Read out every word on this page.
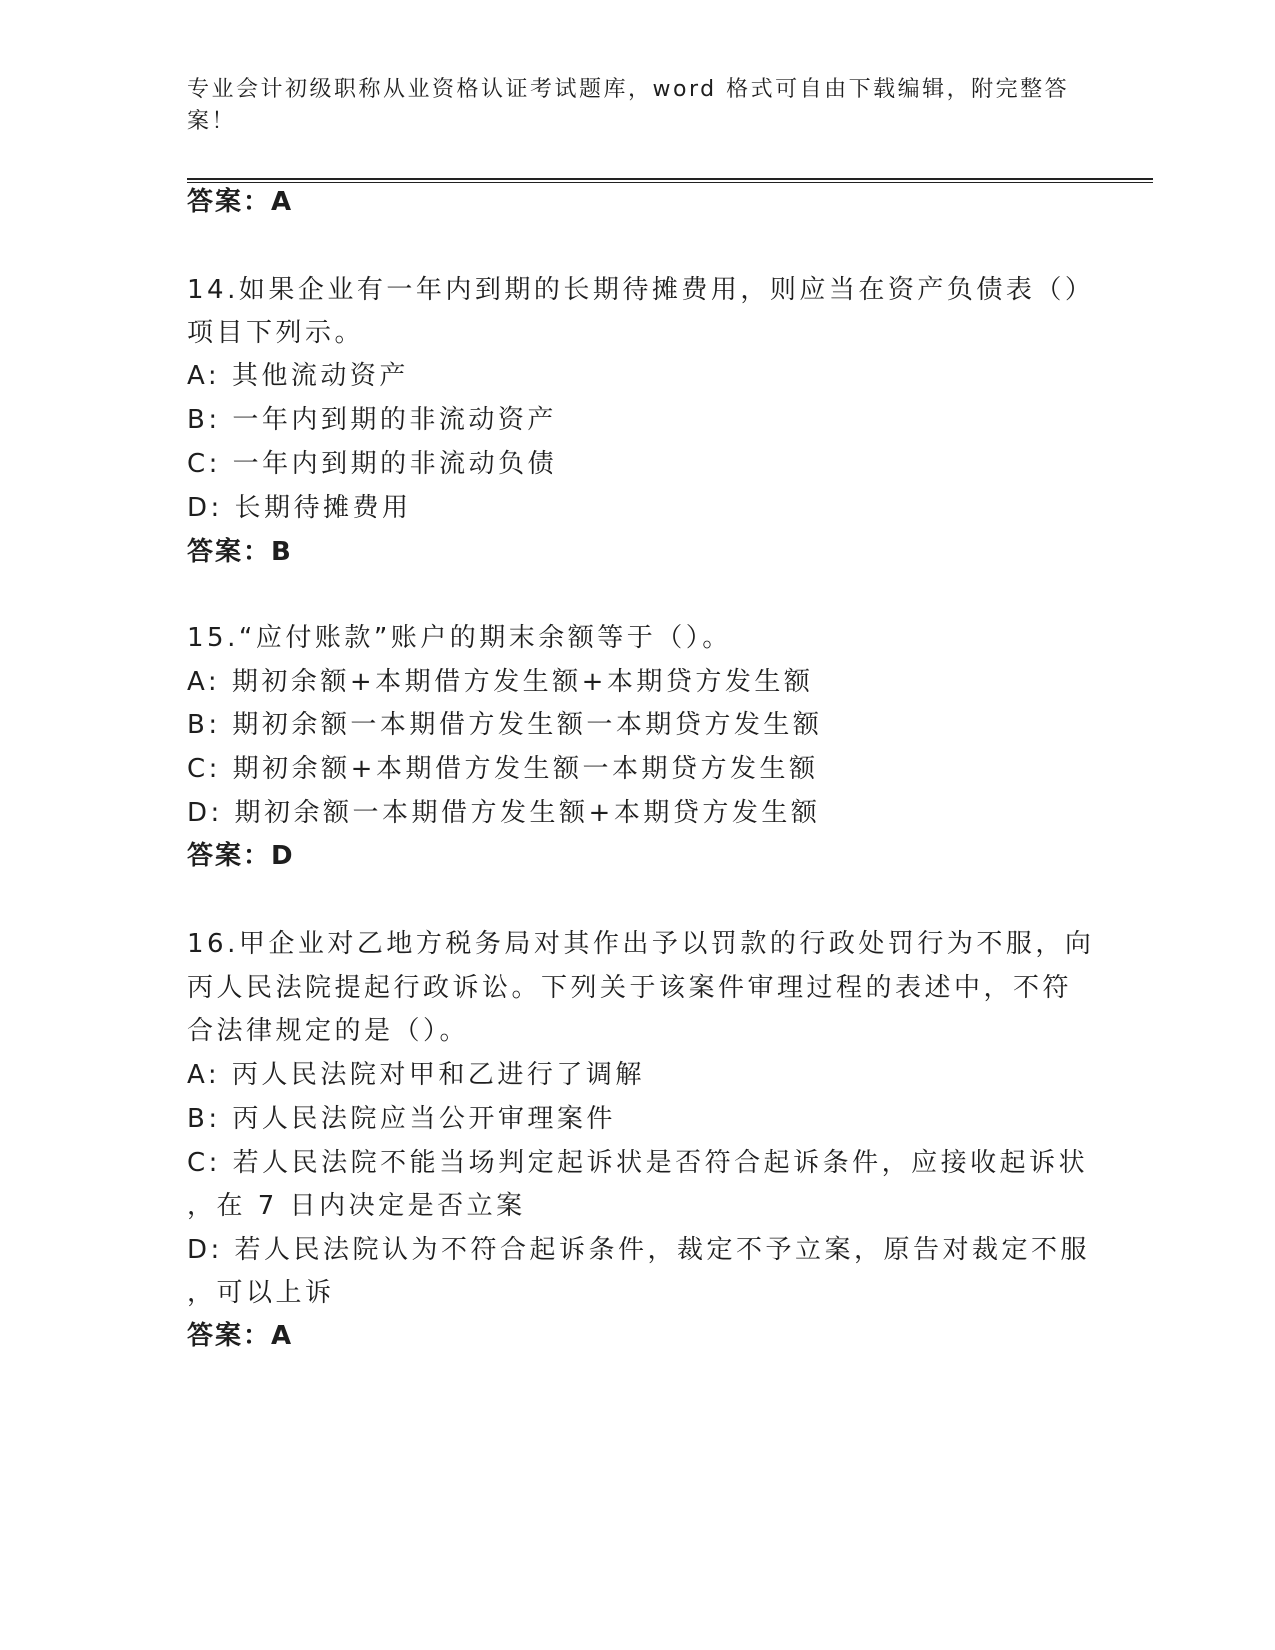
专业会计初级职称从业资格认证考试题库，word 格式可自由下载编辑，附完整答
案！
答案：A
14.如果企业有一年内到期的长期待摊费用，则应当在资产负债表（）
项目下列示。
A: 其他流动资产
B: 一年内到期的非流动资产
C: 一年内到期的非流动负债
D: 长期待摊费用
答案：B
15.“应付账款”账户的期末余额等于（）。
A: 期初余额+本期借方发生额+本期贷方发生额
B: 期初余额一本期借方发生额一本期贷方发生额
C: 期初余额+本期借方发生额一本期贷方发生额
D: 期初余额一本期借方发生额+本期贷方发生额
答案：D
16.甲企业对乙地方税务局对其作出予以罚款的行政处罚行为不服，向
丙人民法院提起行政诉讼。下列关于该案件审理过程的表述中，不符
合法律规定的是（）。
A: 丙人民法院对甲和乙进行了调解
B: 丙人民法院应当公开审理案件
C: 若人民法院不能当场判定起诉状是否符合起诉条件，应接收起诉状
，在 7 日内决定是否立案
D: 若人民法院认为不符合起诉条件，裁定不予立案，原告对裁定不服
，可以上诉
答案：A
